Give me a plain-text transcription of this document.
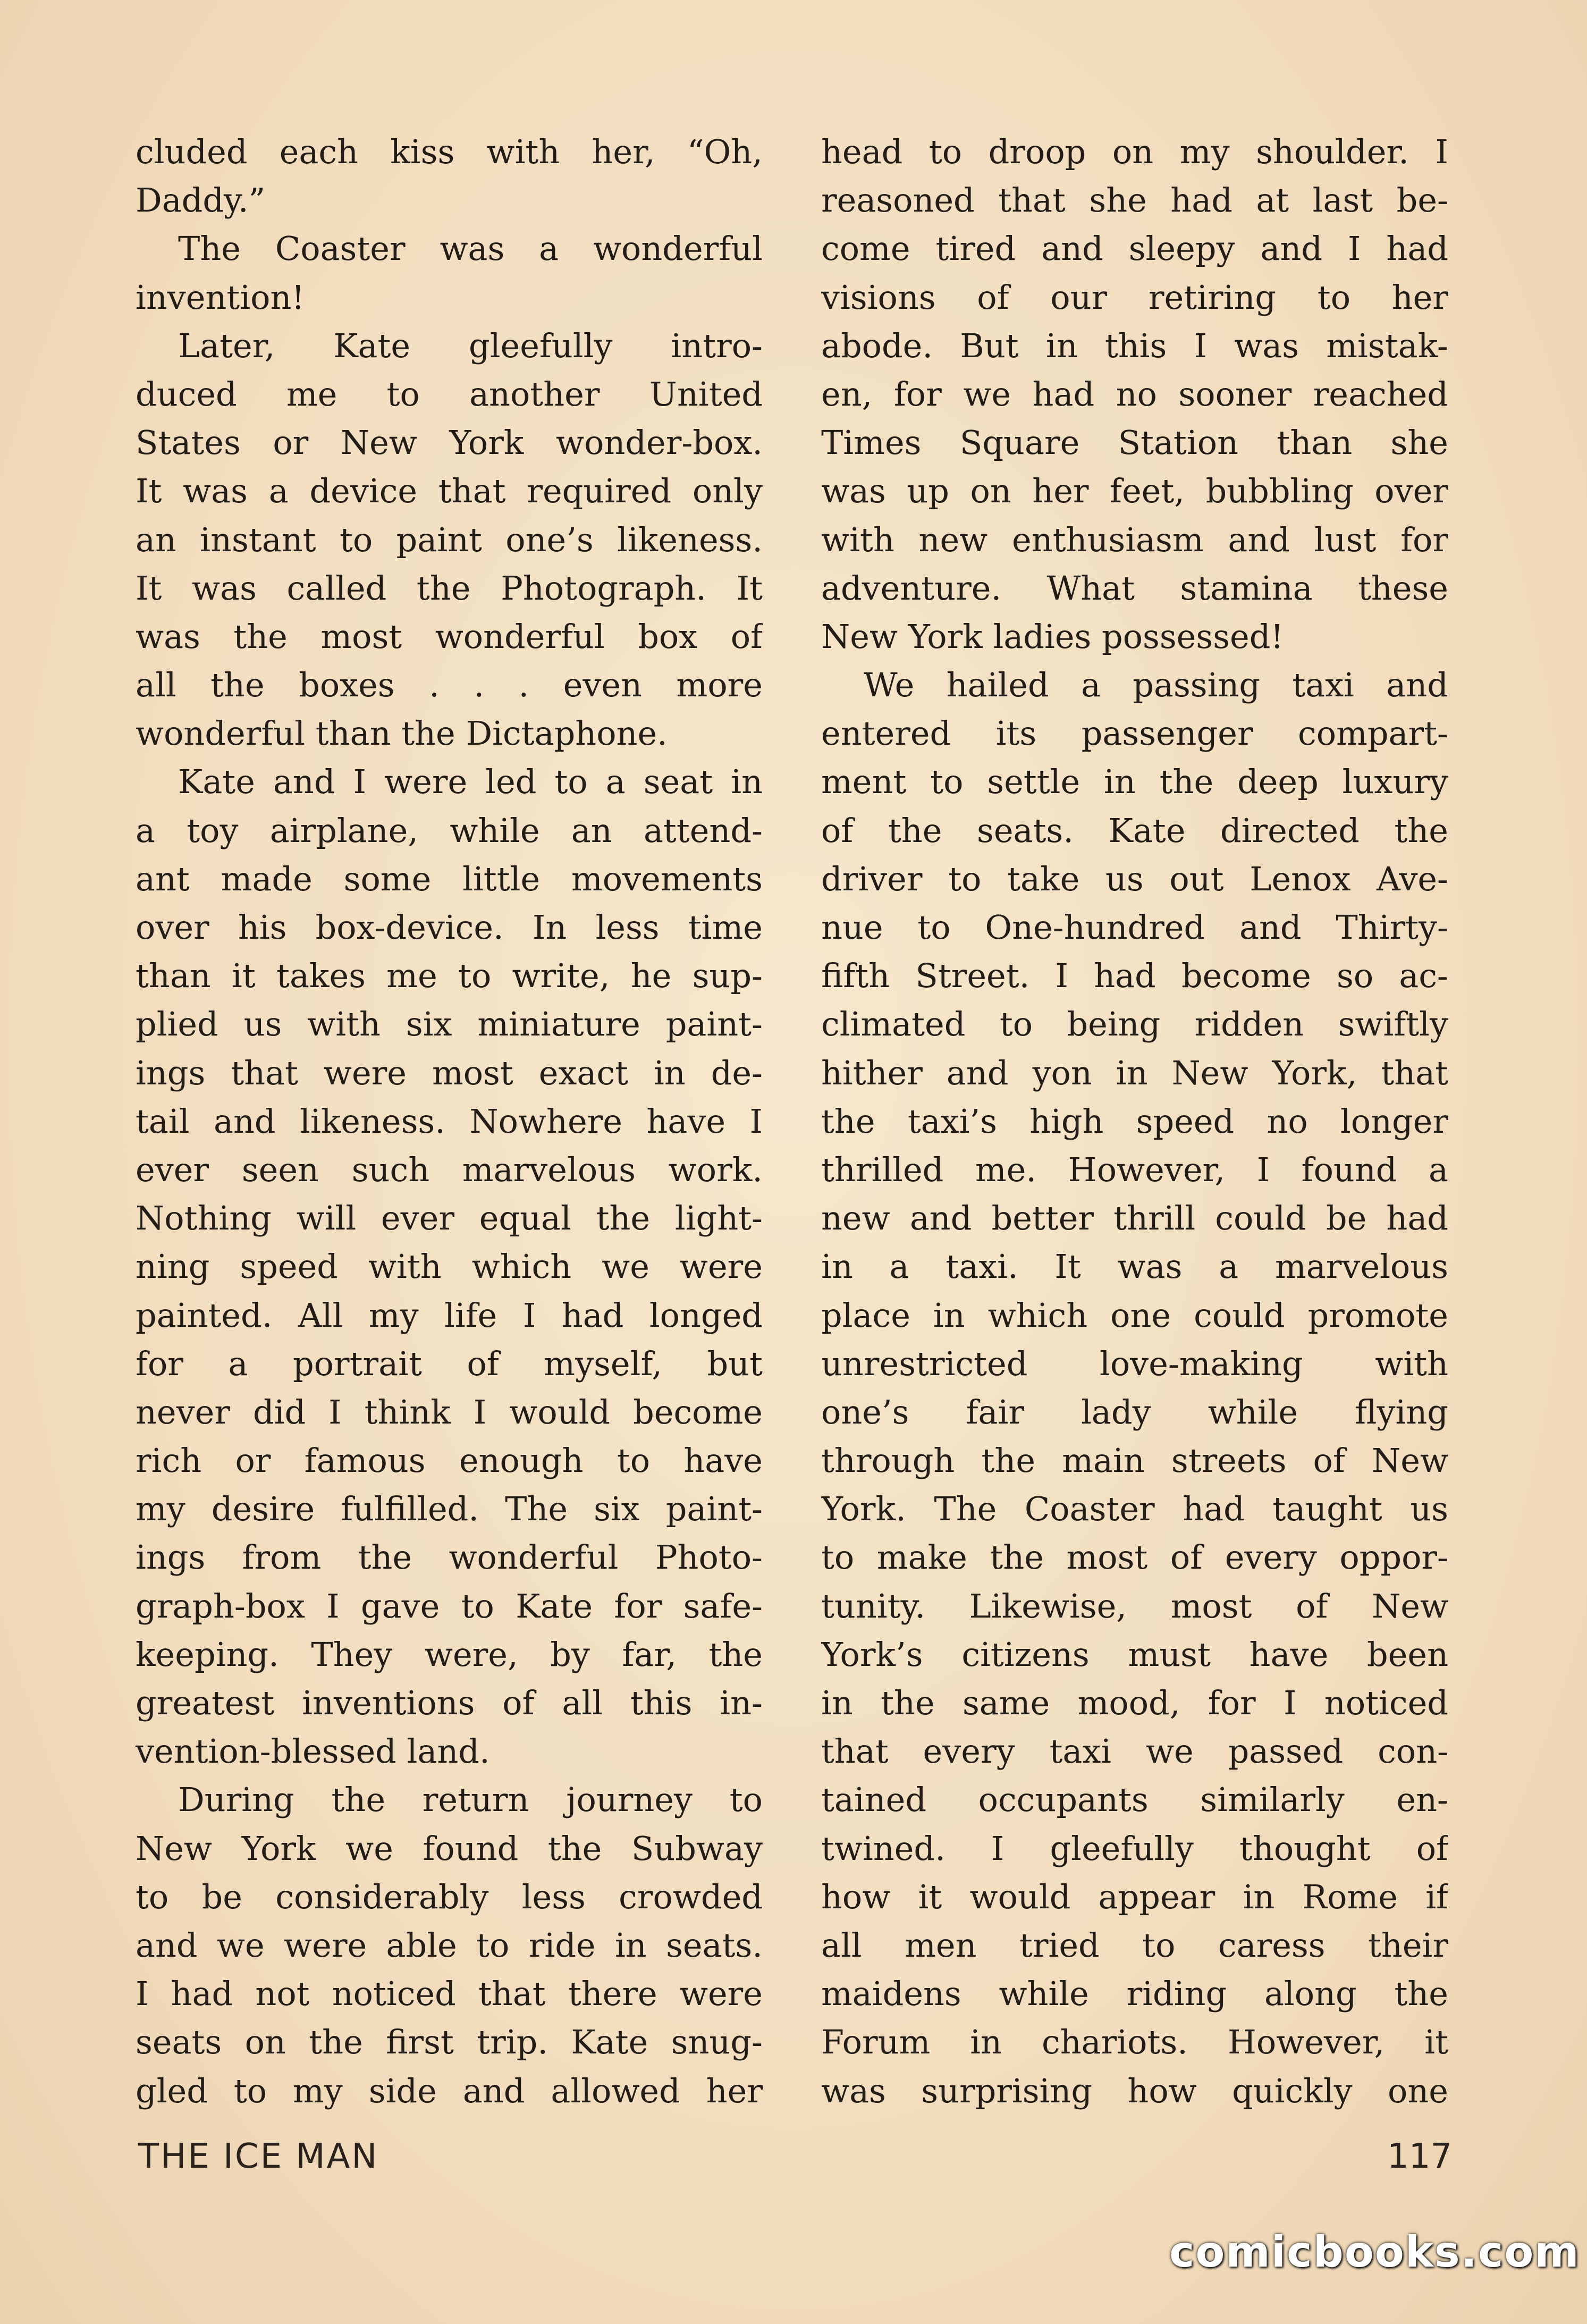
cluded each kiss with her, “Oh,
Daddy.”
The Coaster was a wonderful
invention!
Later, Kate gleefully intro-
duced me to another United
States or New York wonder-box.
It was a device that required only
an instant to paint one’s likeness.
It was called the Photograph. It
was the most wonderful box of
all the boxes . . . even more
wonderful than the Dictaphone.
Kate and I were led to a seat in
a toy airplane, while an attend-
ant made some little movements
over his box-device. In less time
than it takes me to write, he sup-
plied us with six miniature paint-
ings that were most exact in de-
tail and likeness. Nowhere have I
ever seen such marvelous work.
Nothing will ever equal the light-
ning speed with which we were
painted. All my life I had longed
for a portrait of myself, but
never did I think I would become
rich or famous enough to have
my desire fulfilled. The six paint-
ings from the wonderful Photo-
graph-box I gave to Kate for safe-
keeping. They were, by far, the
greatest inventions of all this in-
vention-blessed land.
During the return journey to
New York we found the Subway
to be considerably less crowded
and we were able to ride in seats.
I had not noticed that there were
seats on the first trip. Kate snug-
gled to my side and allowed her
head to droop on my shoulder. I
reasoned that she had at last be-
come tired and sleepy and I had
visions of our retiring to her
abode. But in this I was mistak-
en, for we had no sooner reached
Times Square Station than she
was up on her feet, bubbling over
with new enthusiasm and lust for
adventure. What stamina these
New York ladies possessed!
We hailed a passing taxi and
entered its passenger compart-
ment to settle in the deep luxury
of the seats. Kate directed the
driver to take us out Lenox Ave-
nue to One-hundred and Thirty-
fifth Street. I had become so ac-
climated to being ridden swiftly
hither and yon in New York, that
the taxi’s high speed no longer
thrilled me. However, I found a
new and better thrill could be had
in a taxi. It was a marvelous
place in which one could promote
unrestricted love-making with
one’s fair lady while flying
through the main streets of New
York. The Coaster had taught us
to make the most of every oppor-
tunity. Likewise, most of New
York’s citizens must have been
in the same mood, for I noticed
that every taxi we passed con-
tained occupants similarly en-
twined. I gleefully thought of
how it would appear in Rome if
all men tried to caress their
maidens while riding along the
Forum in chariots. However, it
was surprising how quickly one
THE ICE MAN	117
comicbooks.com
